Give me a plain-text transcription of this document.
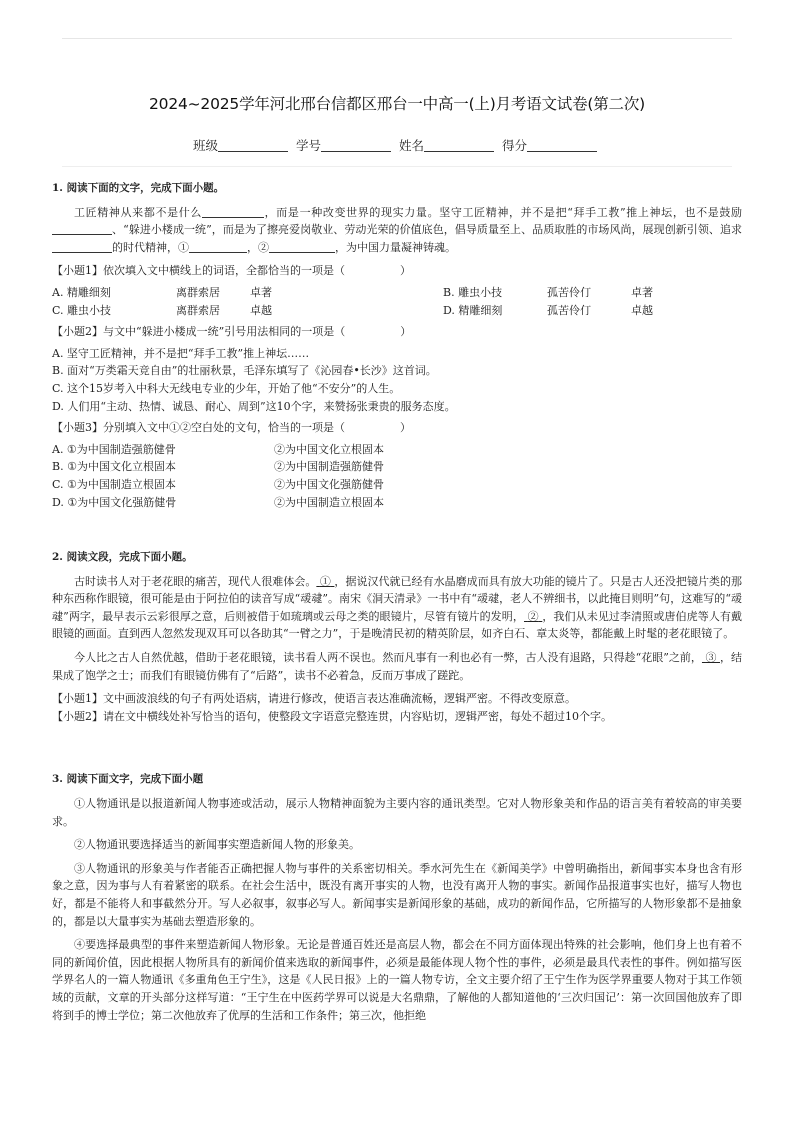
2024~2025学年河北邢台信都区邢台一中高一(上)月考语文试卷(第二次)
班级	学号	姓名	得分
1. 阅读下面的文字，完成下面小题。
工匠精神从来都不是什么	，而是一种改变世界的现实力量。坚守工匠精神，并不是把“拜手工教”推上神坛，也不是鼓励、“躲进小楼成一统”，而是为了擦亮爱岗敬业、劳动光荣的价值底色，倡导质量至上、品质取胜的市场风尚，展现创新引领、追求的时代精神，①	，②	，为中国力量凝神铸魂。
【小题1】依次填入文中横线上的词语，全都恰当的一项是（　　　　　）
A. 精雕细刻	离群索居	卓著	B. 雕虫小技	孤苦伶仃	卓著
C. 雕虫小技	离群索居	卓越	D. 精雕细刻	孤苦伶仃	卓越
【小题2】与文中“躲进小楼成一统”引号用法相同的一项是（　　　　　）
A. 坚守工匠精神，并不是把“拜手工教”推上神坛……
B. 面对“万类霜天竞自由”的壮丽秋景，毛泽东填写了《沁园春•长沙》这首词。
C. 这个15岁考入中科大无线电专业的少年，开始了他“不安分”的人生。
D. 人们用“主动、热情、诚恳、耐心、周到”这10个字，来赞扬张秉贵的服务态度。
【小题3】分别填入文中①②空白处的文句，恰当的一项是（　　　　　）
A. ①为中国制造强筋健骨	②为中国文化立根固本
B. ①为中国文化立根固本	②为中国制造强筋健骨
C. ①为中国制造立根固本	②为中国文化强筋健骨
D. ①为中国文化强筋健骨	②为中国制造立根固本
2. 阅读文段，完成下面小题。
古时读书人对于老花眼的痛苦，现代人很难体会。 ① ，据说汉代就已经有水晶磨成而具有放大功能的镜片了。只是古人还没把镜片类的那种东西称作眼镜，很可能是由于阿拉伯的读音写成“叆叇”。南宋《洞天清录》一书中有“叆叇，老人不辨细书，以此掩目则明”句，这难写的“叆叇”两字，最早表示云彩很厚之意，后则被借于如琉璃或云母之类的眼镜片，尽管有镜片的发明， ② ，我们从未见过李清照或唐伯虎等人有戴眼镜的画面。直到西人忽然发现双耳可以各助其“一臂之力”，于是晚清民初的精英阶层，如齐白石、章太炎等，都能戴上时髦的老花眼镜了。
今人比之古人自然优越，借助于老花眼镜，读书看人两不误也。然而凡事有一利也必有一弊，古人没有退路，只得趁“花眼”之前， ③ ，结果成了饱学之士；而我们有眼镜仿佛有了“后路”，读书不必着急，反而万事成了蹉跎。
【小题1】文中画波浪线的句子有两处语病，请进行修改，使语言表达准确流畅，逻辑严密。不得改变原意。
【小题2】请在文中横线处补写恰当的语句，使整段文字语意完整连贯，内容贴切，逻辑严密，每处不超过10个字。
3. 阅读下面文字，完成下面小题
①人物通讯是以报道新闻人物事迹或活动，展示人物精神面貌为主要内容的通讯类型。它对人物形象美和作品的语言美有着较高的审美要求。
②人物通讯要选择适当的新闻事实塑造新闻人物的形象美。
③人物通讯的形象美与作者能否正确把握人物与事件的关系密切相关。季水河先生在《新闻美学》中曾明确指出，新闻事实本身也含有形象之意，因为事与人有着紧密的联系。在社会生活中，既没有离开事实的人物，也没有离开人物的事实。新闻作品报道事实也好，描写人物也好，都是不能将人和事截然分开。写人必叙事，叙事必写人。新闻事实是新闻形象的基础，成功的新闻作品，它所描写的人物形象都不是抽象的，都是以大量事实为基础去塑造形象的。
④要选择最典型的事件来塑造新闻人物形象。无论是普通百姓还是高层人物，都会在不同方面体现出特殊的社会影响，他们身上也有着不同的新闻价值，因此根据人物所具有的新闻价值来选取的新闻事件，必须是最能体现人物个性的事件，必须是最具代表性的事件。例如描写医学界名人的一篇人物通讯《多重角色王宁生》，这是《人民日报》上的一篇人物专访，全文主要介绍了王宁生作为医学界重要人物对于其工作领域的贡献，文章的开头部分这样写道：“王宁生在中医药学界可以说是大名鼎鼎，了解他的人都知道他的‘三次归国记’：第一次回国他放弃了即将到手的博士学位；第二次他放弃了优厚的生活和工作条件；第三次，他拒绝
